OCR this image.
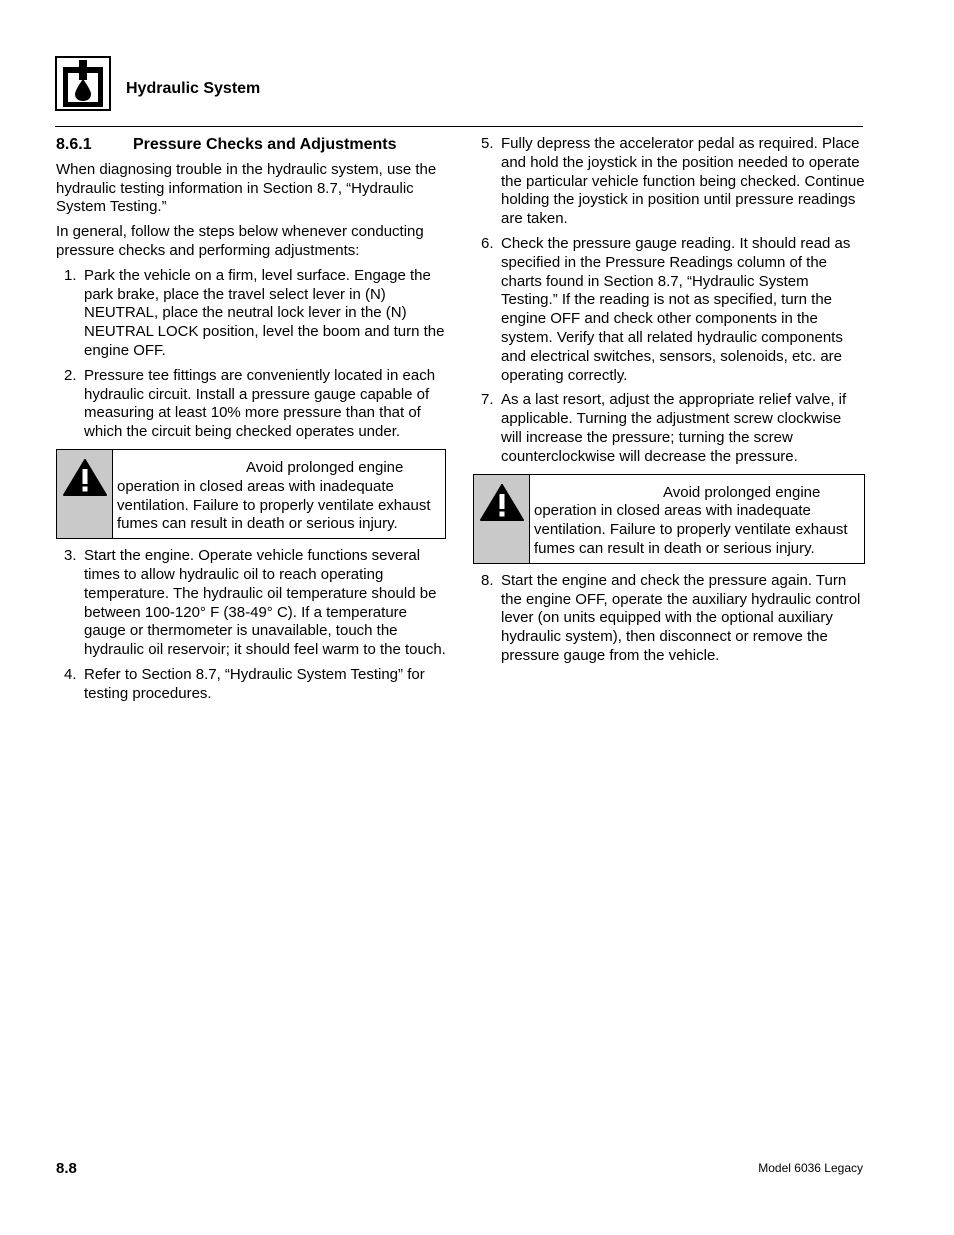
Hydraulic System
8.6.1	Pressure Checks and Adjustments

When diagnosing trouble in the hydraulic system, use the hydraulic testing information in Section 8.7, “Hydraulic System Testing.”

In general, follow the steps below whenever conducting pressure checks and performing adjustments:

1. Park the vehicle on a firm, level surface. Engage the park brake, place the travel select lever in (N) NEUTRAL, place the neutral lock lever in the (N) NEUTRAL LOCK position, level the boom and turn the engine OFF.
2. Pressure tee fittings are conveniently located in each hydraulic circuit. Install a pressure gauge capable of measuring at least 10% more pressure than that of which the circuit being checked operates under.
Avoid prolonged engine
operation in closed areas with inadequate ventilation. Failure to properly ventilate exhaust fumes can result in death or serious injury.
3. Start the engine. Operate vehicle functions several times to allow hydraulic oil to reach operating temperature. The hydraulic oil temperature should be between 100-120° F (38-49° C). If a temperature gauge or thermometer is unavailable, touch the hydraulic oil reservoir; it should feel warm to the touch.
4. Refer to Section 8.7, “Hydraulic System Testing” for testing procedures.
5. Fully depress the accelerator pedal as required. Place and hold the joystick in the position needed to operate the particular vehicle function being checked. Continue holding the joystick in position until pressure readings are taken.
6. Check the pressure gauge reading. It should read as specified in the Pressure Readings column of the charts found in Section 8.7, “Hydraulic System Testing.” If the reading is not as specified, turn the engine OFF and check other components in the system. Verify that all related hydraulic components and electrical switches, sensors, solenoids, etc. are operating correctly.
7. As a last resort, adjust the appropriate relief valve, if applicable. Turning the adjustment screw clockwise will increase the pressure; turning the screw counterclockwise will decrease the pressure.
Avoid prolonged engine
operation in closed areas with inadequate ventilation. Failure to properly ventilate exhaust fumes can result in death or serious injury.
8. Start the engine and check the pressure again. Turn the engine OFF, operate the auxiliary hydraulic control lever (on units equipped with the optional auxiliary hydraulic system), then disconnect or remove the pressure gauge from the vehicle.
8.8	Model 6036 Legacy
